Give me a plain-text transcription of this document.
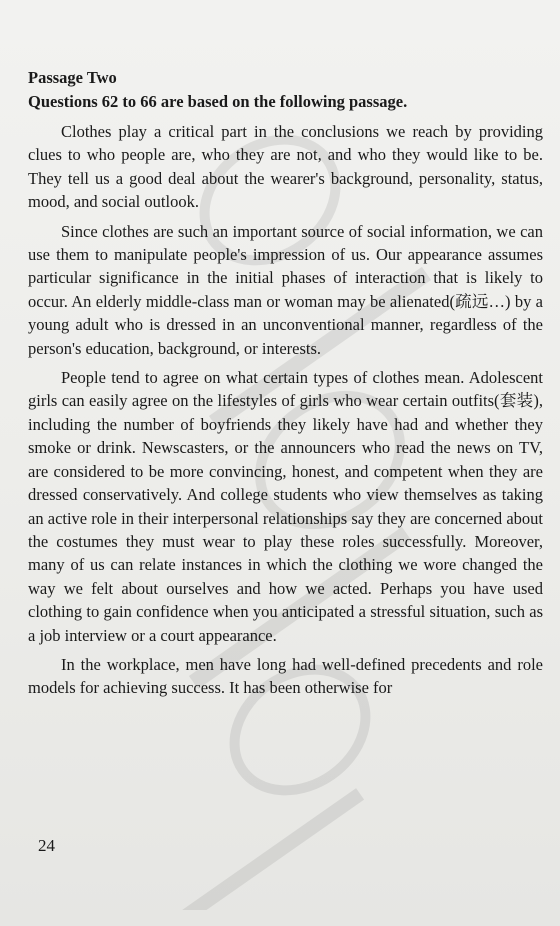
Passage Two
Questions 62 to 66 are based on the following passage.

Clothes play a critical part in the conclusions we reach by providing clues to who people are, who they are not, and who they would like to be. They tell us a good deal about the wearer's background, personality, status, mood, and social outlook.

Since clothes are such an important source of social information, we can use them to manipulate people's impression of us. Our appearance assumes particular significance in the initial phases of interaction that is likely to occur. An elderly middle-class man or woman may be alienated(疏远…) by a young adult who is dressed in an unconventional manner, regardless of the person's education, background, or interests.

People tend to agree on what certain types of clothes mean. Adolescent girls can easily agree on the lifestyles of girls who wear certain outfits(套装), including the number of boyfriends they likely have had and whether they smoke or drink. Newscasters, or the announcers who read the news on TV, are considered to be more convincing, honest, and competent when they are dressed conservatively. And college students who view themselves as taking an active role in their interpersonal relationships say they are concerned about the costumes they must wear to play these roles successfully. Moreover, many of us can relate instances in which the clothing we wore changed the way we felt about ourselves and how we acted. Perhaps you have used clothing to gain confidence when you anticipated a stressful situation, such as a job interview or a court appearance.

In the workplace, men have long had well-defined precedents and role models for achieving success. It has been otherwise for

24
